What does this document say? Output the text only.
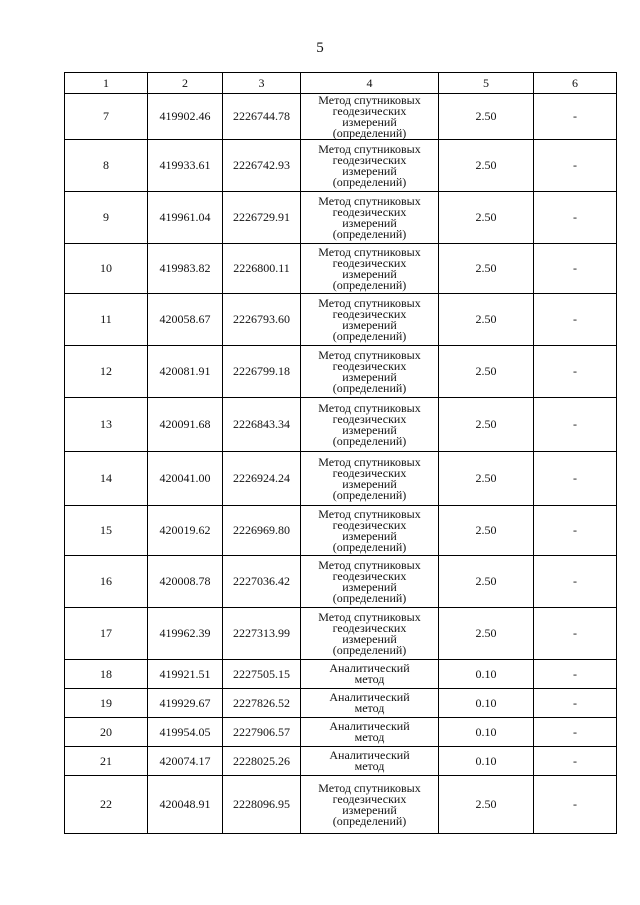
5
1	2	3	4	5	6
7	419902.46	2226744.78	Метод спутниковых
геодезических
измерений
(определений)	2.50	-
8	419933.61	2226742.93	Метод спутниковых
геодезических
измерений
(определений)	2.50	-
9	419961.04	2226729.91	Метод спутниковых
геодезических
измерений
(определений)	2.50	-
10	419983.82	2226800.11	Метод спутниковых
геодезических
измерений
(определений)	2.50	-
11	420058.67	2226793.60	Метод спутниковых
геодезических
измерений
(определений)	2.50	-
12	420081.91	2226799.18	Метод спутниковых
геодезических
измерений
(определений)	2.50	-
13	420091.68	2226843.34	Метод спутниковых
геодезических
измерений
(определений)	2.50	-
14	420041.00	2226924.24	Метод спутниковых
геодезических
измерений
(определений)	2.50	-
15	420019.62	2226969.80	Метод спутниковых
геодезических
измерений
(определений)	2.50	-
16	420008.78	2227036.42	Метод спутниковых
геодезических
измерений
(определений)	2.50	-
17	419962.39	2227313.99	Метод спутниковых
геодезических
измерений
(определений)	2.50	-
18	419921.51	2227505.15	Аналитический
метод	0.10	-
19	419929.67	2227826.52	Аналитический
метод	0.10	-
20	419954.05	2227906.57	Аналитический
метод	0.10	-
21	420074.17	2228025.26	Аналитический
метод	0.10	-
22	420048.91	2228096.95	Метод спутниковых
геодезических
измерений
(определений)	2.50	-
